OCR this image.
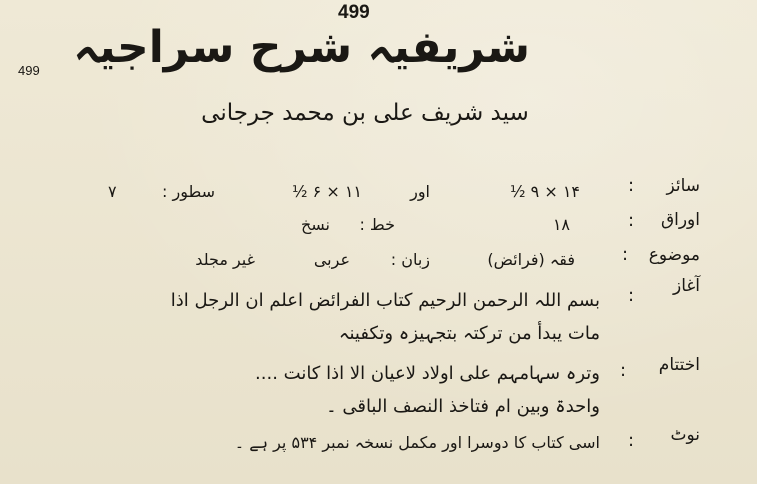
499
499 شریفیہ شرح سراجیہ
سید شریف علی بن محمد جرجانی
سائز
:
۱۴ × ۹ ½
اور
۱۱ × ۶ ½
سطور :
۷
اوراق
:
۱۸
خط :
نسخ
موضوع
:
فقہ (فرائض)
زبان :
عربی
غیر مجلد
آغاز
:
بسم اللہ الرحمن الرحیم کتاب الفرائض اعلم ان الرجل اذا
مات یبدأ من ترکتہ بتجہیزہ وتکفینہ
اختتام
:
وترہ سہامہم علی اولاد لاعیان الا اذا کانت ....
واحدۃ وبین ام فتاخذ النصف الباقی ۔
نوٹ
:
اسی کتاب کا دوسرا اور مکمل نسخہ نمبر ۵۳۴ پر ہے ۔
